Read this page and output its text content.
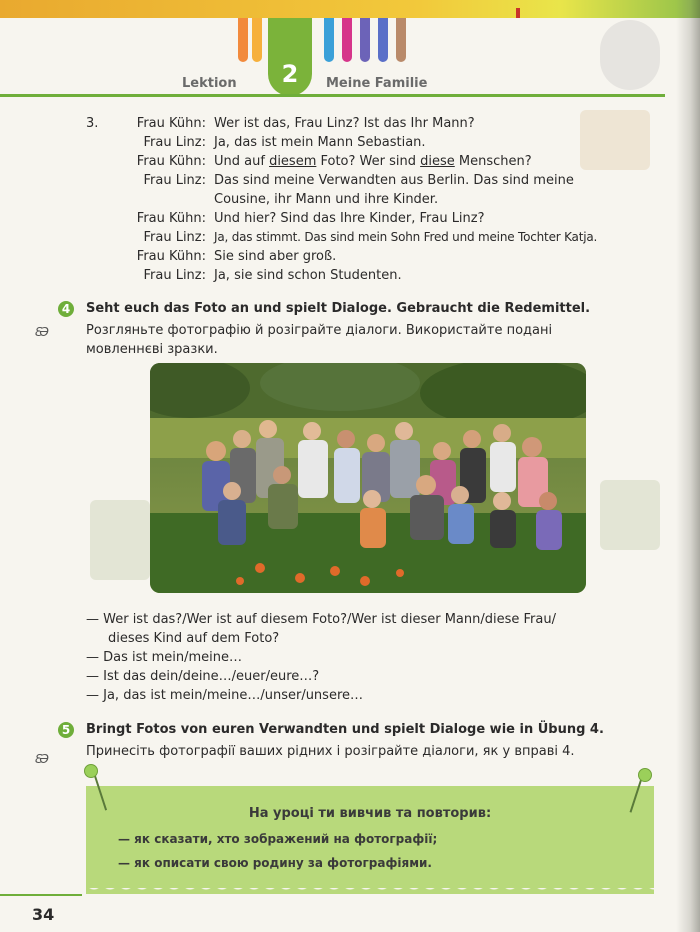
2
Lektion	Meine Familie
3.	Frau Kühn: Wer ist das, Frau Linz? Ist das Ihr Mann?
Frau Linz: Ja, das ist mein Mann Sebastian.
Frau Kühn: Und auf diesem Foto? Wer sind diese Menschen?
Frau Linz: Das sind meine Verwandten aus Berlin. Das sind meine
Cousine, ihr Mann und ihre Kinder.
Frau Kühn: Und hier? Sind das Ihre Kinder, Frau Linz?
Frau Linz: Ja, das stimmt. Das sind mein Sohn Fred und meine Tochter Katja.
Frau Kühn: Sie sind aber groß.
Frau Linz: Ja, sie sind schon Studenten.
4
ƐƏ
Seht euch das Foto an und spielt Dialoge. Gebraucht die Redemittel.
Розгляньте фотографію й розіграйте діалоги. Використайте подані
мовленнєві зразки.
— Wer ist das?/Wer ist auf diesem Foto?/Wer ist dieser Mann/diese Frau/
dieses Kind auf dem Foto?
— Das ist mein/meine…
— Ist das dein/deine…/euer/eure…?
— Ja, das ist mein/meine…/unser/unsere…
5
ƐƏ
Bringt Fotos von euren Verwandten und spielt Dialoge wie in Übung 4.
Принесіть фотографії ваших рідних і розіграйте діалоги, як у вправі 4.
На уроці ти вивчив та повторив:
— як сказати, хто зображений на фотографії;
— як описати свою родину за фотографіями.
34
